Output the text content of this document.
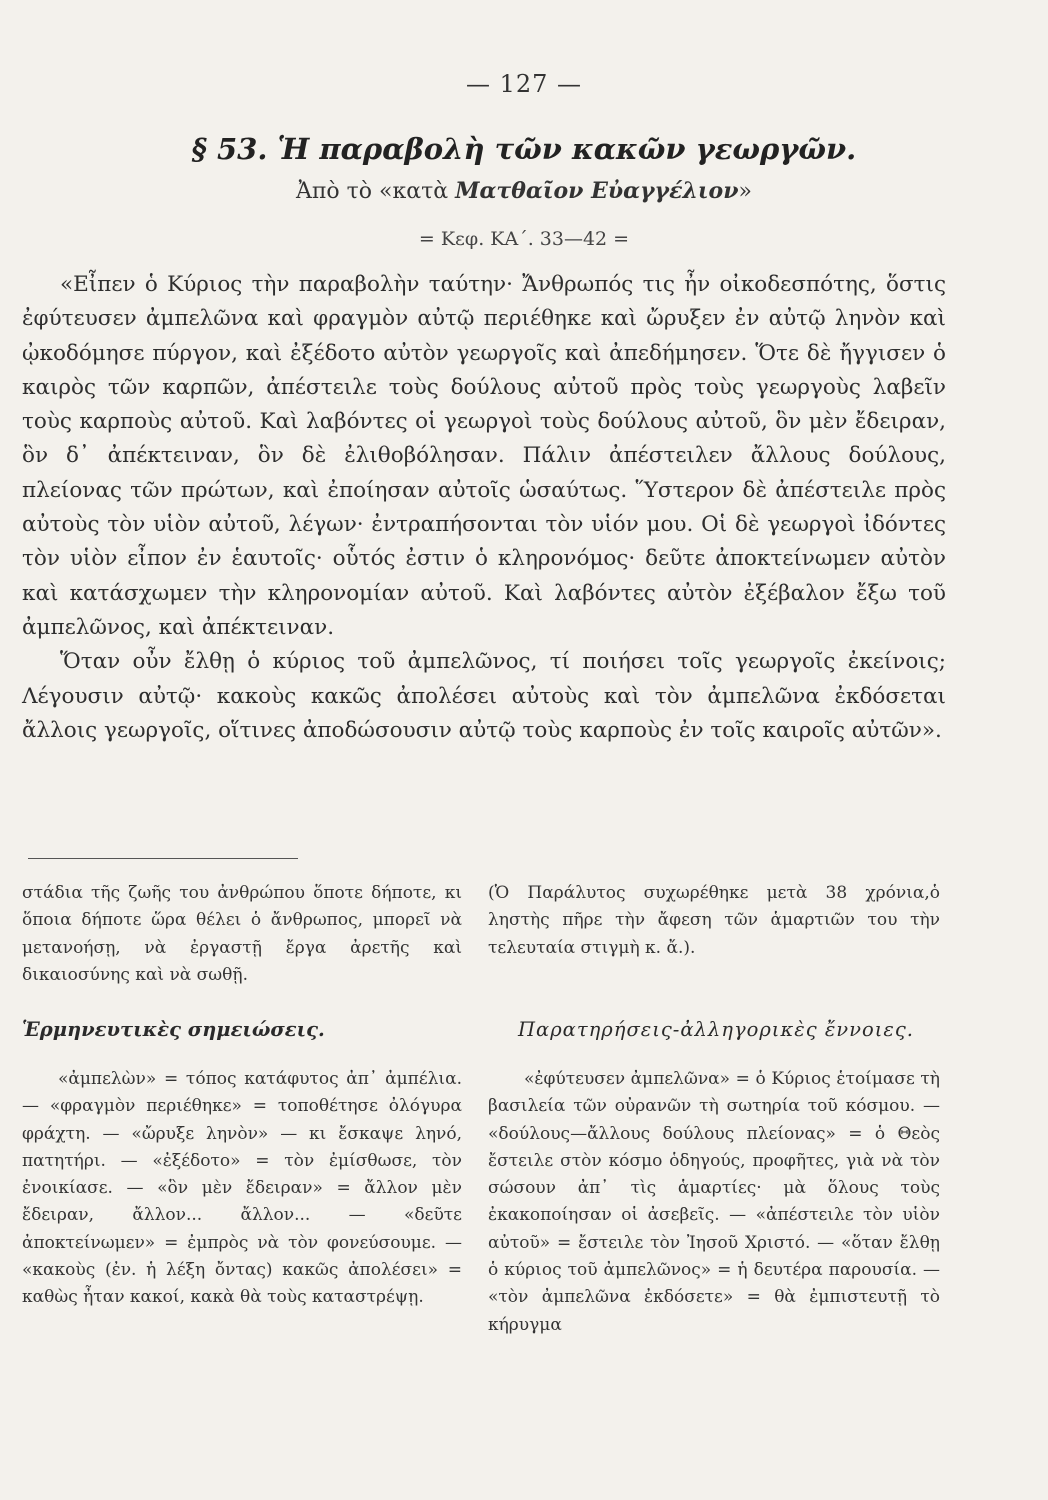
— 127 —
§ 53. Ἡ παραβολὴ τῶν κακῶν γεωργῶν.
Ἀπὸ τὸ «κατὰ Ματθαῖον Εὐαγγέλιον»
= Κεφ. ΚΑ΄. 33—42 =

«Εἶπεν ὁ Κύριος τὴν παραβολὴν ταύτην· Ἄνθρωπός τις ἦν οἰκοδεσπότης, ὅστις ἐφύτευσεν ἀμπελῶνα καὶ φραγμὸν αὐτῷ περιέθηκε καὶ ὤρυξεν ἐν αὐτῷ ληνὸν καὶ ᾠκοδόμησε πύργον, καὶ ἐξέδοτο αὐτὸν γεωργοῖς καὶ ἀπεδήμησεν. Ὅτε δὲ ἤγγισεν ὁ καιρὸς τῶν καρπῶν, ἀπέστειλε τοὺς δούλους αὐτοῦ πρὸς τοὺς γεωργοὺς λαβεῖν τοὺς καρποὺς αὐτοῦ. Καὶ λαβόντες οἱ γεωργοὶ τοὺς δούλους αὐτοῦ, ὃν μὲν ἔδειραν, ὃν δ᾽ ἀπέκτειναν, ὃν δὲ ἐλιθοβόλησαν. Πάλιν ἀπέστειλεν ἄλλους δούλους, πλείονας τῶν πρώτων, καὶ ἐποίησαν αὐτοῖς ὡσαύτως. Ὕστερον δὲ ἀπέστειλε πρὸς αὐτοὺς τὸν υἱὸν αὐτοῦ, λέγων· ἐντραπήσονται τὸν υἱόν μου. Οἱ δὲ γεωργοὶ ἰδόντες τὸν υἱὸν εἶπον ἐν ἑαυτοῖς· οὗτός ἐστιν ὁ κληρονόμος· δεῦτε ἀποκτείνωμεν αὐτὸν καὶ κατάσχωμεν τὴν κληρονομίαν αὐτοῦ. Καὶ λαβόντες αὐτὸν ἐξέβαλον ἔξω τοῦ ἀμπελῶνος, καὶ ἀπέκτειναν.

Ὅταν οὖν ἔλθῃ ὁ κύριος τοῦ ἀμπελῶνος, τί ποιήσει τοῖς γεωργοῖς ἐκείνοις; Λέγουσιν αὐτῷ· κακοὺς κακῶς ἀπολέσει αὐτοὺς καὶ τὸν ἀμπελῶνα ἐκδόσεται ἄλλοις γεωργοῖς, οἵτινες ἀποδώσουσιν αὐτῷ τοὺς καρποὺς ἐν τοῖς καιροῖς αὐτῶν».

στάδια τῆς ζωῆς του ἀνθρώπου ὅποτε δήποτε, κι ὅποια δήποτε ὥρα θέλει ὁ ἄνθρωπος, μπορεῖ νὰ μετανοήσῃ, νὰ ἐργαστῇ ἔργα ἀρετῆς καὶ δικαιοσύνης καὶ νὰ σωθῇ.

(Ὁ Παράλυτος συχωρέθηκε μετὰ 38 χρόνια,ὁ ληστὴς πῆρε τὴν ἄφεση τῶν ἁμαρτιῶν του τὴν τελευταία στιγμὴ κ. ἄ.).

Ἑρμηνευτικὲς σημειώσεις.	Παρατηρήσεις-ἀλληγορικὲς ἔννοιες.

«ἀμπελὼν» = τόπος κατάφυτος ἀπ᾽ ἀμπέλια. — «φραγμὸν περιέθηκε» = τοποθέτησε ὀλόγυρα φράχτη. — «ὤρυξε ληνὸν» — κι ἔσκαψε ληνό, πατητήρι. — «ἐξέδοτο» = τὸν ἐμίσθωσε, τὸν ἐνοικίασε. — «ὃν μὲν ἔδειραν» = ἄλλον μὲν ἔδειραν, ἄλλον... ἄλλον... — «δεῦτε ἀποκτείνωμεν» = ἐμπρὸς νὰ τὸν φονεύσουμε. — «κακοὺς (ἐν. ἡ λέξη ὄντας) κακῶς ἀπολέσει» = καθὼς ἦταν κακοί, κακὰ θὰ τοὺς καταστρέψῃ.

«ἐφύτευσεν ἀμπελῶνα» = ὁ Κύριος ἑτοίμασε τὴ βασιλεία τῶν οὐρανῶν τὴ σωτηρία τοῦ κόσμου. — «δούλους—ἄλλους δούλους πλείονας» = ὁ Θεὸς ἔστειλε στὸν κόσμο ὁδηγούς, προφῆτες, γιὰ νὰ τὸν σώσουν ἀπ᾽ τὶς ἁμαρτίες· μὰ ὅλους τοὺς ἐκακοποίησαν οἱ ἀσεβεῖς. — «ἀπέστειλε τὸν υἱὸν αὐτοῦ» = ἔστειλε τὸν Ἰησοῦ Χριστό. — «ὅταν ἔλθῃ ὁ κύριος τοῦ ἀμπελῶνος» = ἡ δευτέρα παρουσία. — «τὸν ἀμπελῶνα ἐκδόσετε» = θὰ ἐμπιστευτῇ τὸ κήρυγμα
